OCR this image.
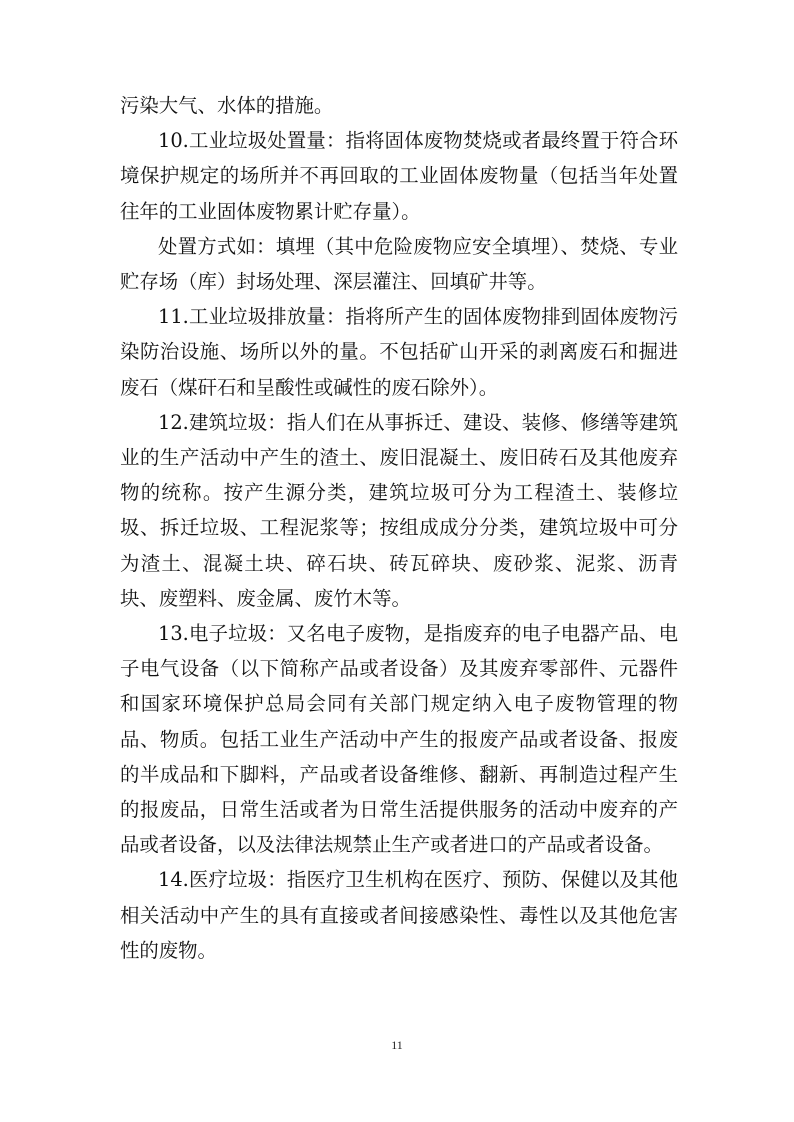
污染大气、水体的措施。

10.工业垃圾处置量：指将固体废物焚烧或者最终置于符合环境保护规定的场所并不再回取的工业固体废物量（包括当年处置往年的工业固体废物累计贮存量）。

处置方式如：填埋（其中危险废物应安全填埋）、焚烧、专业贮存场（库）封场处理、深层灌注、回填矿井等。

11.工业垃圾排放量：指将所产生的固体废物排到固体废物污染防治设施、场所以外的量。不包括矿山开采的剥离废石和掘进废石（煤矸石和呈酸性或碱性的废石除外）。

12.建筑垃圾：指人们在从事拆迁、建设、装修、修缮等建筑业的生产活动中产生的渣土、废旧混凝土、废旧砖石及其他废弃物的统称。按产生源分类，建筑垃圾可分为工程渣土、装修垃圾、拆迁垃圾、工程泥浆等；按组成成分分类，建筑垃圾中可分为渣土、混凝土块、碎石块、砖瓦碎块、废砂浆、泥浆、沥青块、废塑料、废金属、废竹木等。

13.电子垃圾：又名电子废物，是指废弃的电子电器产品、电子电气设备（以下简称产品或者设备）及其废弃零部件、元器件和国家环境保护总局会同有关部门规定纳入电子废物管理的物品、物质。包括工业生产活动中产生的报废产品或者设备、报废的半成品和下脚料，产品或者设备维修、翻新、再制造过程产生的报废品，日常生活或者为日常生活提供服务的活动中废弃的产品或者设备，以及法律法规禁止生产或者进口的产品或者设备。

14.医疗垃圾：指医疗卫生机构在医疗、预防、保健以及其他相关活动中产生的具有直接或者间接感染性、毒性以及其他危害性的废物。

11
